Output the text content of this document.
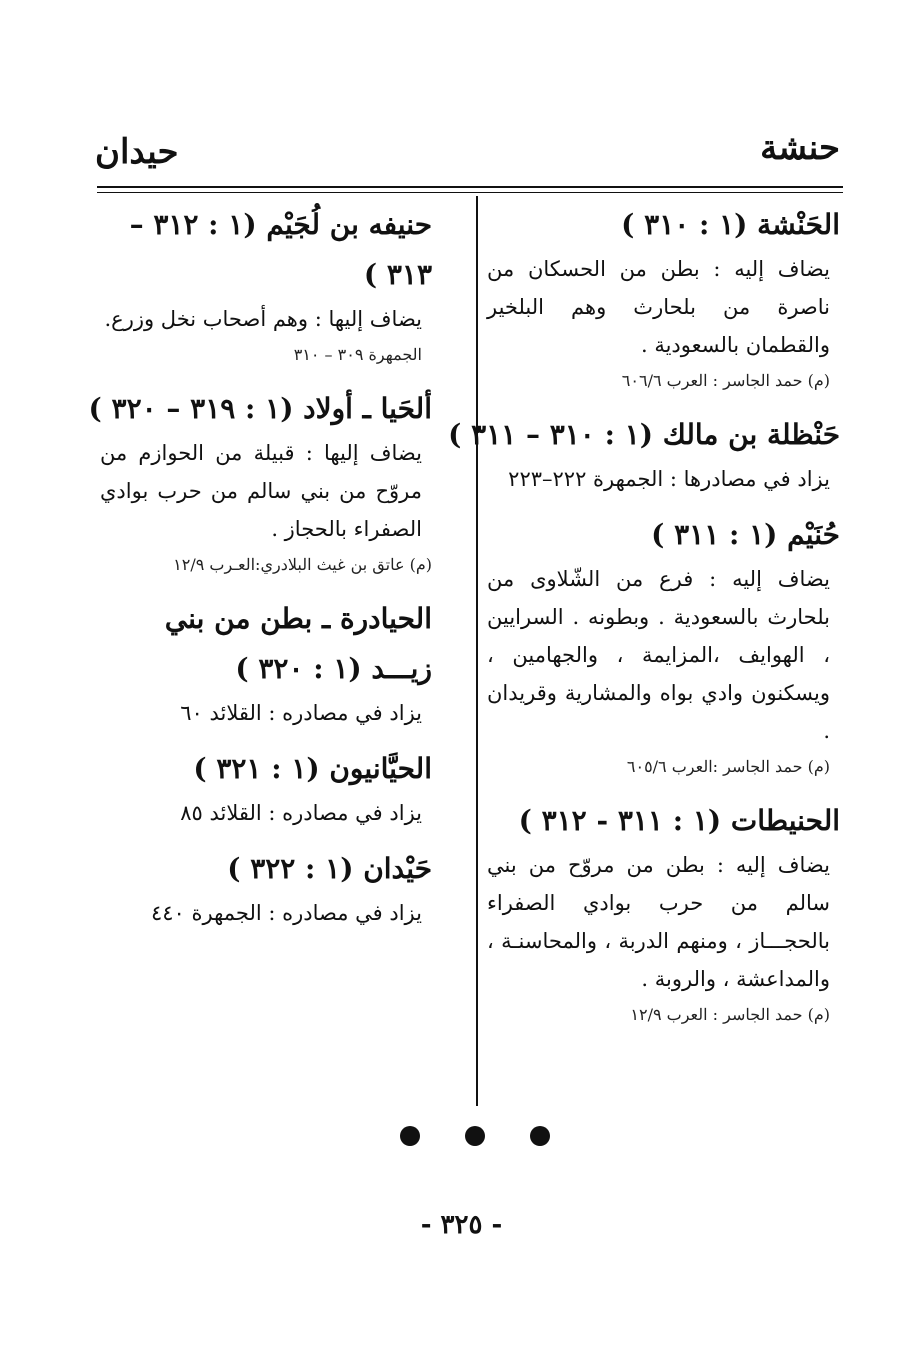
حنشة
حيدان
الحَنْشة (١ : ٣١٠ )
يضاف إليه : بطن من الحسكان من ناصرة من بلحارث وهم البلخير والقطمان بالسعودية .
(م) حمد الجاسر : العرب ٦٠٦/٦
حَنْظلة بن مالك (١ : ٣١٠ – ٣١١ )
يزاد في مصادرها : الجمهرة ٢٢٢–٢٢٣
حُنَيْم (١ : ٣١١ )
يضاف إليه : فرع من الشّلاوى من بلحارث بالسعودية . وبطونه . السرايين ، الهوايف ،المزايمة ، والجهامين ، ويسكنون وادي بواه والمشارية وقريدان .
(م) حمد الجاسر :العرب ٦٠٥/٦
الحنيطات (١ : ٣١١ - ٣١٢ )
يضاف إليه : بطن من مروّح من بني سالم من حرب بوادي الصفراء بالحجـــاز ، ومنهم الدربة ، والمحاسنـة ، والمداعشة ، والروبة .
(م) حمد الجاسر : العرب ١٢/٩
حنيفه بن لُجَيْم (١ : ٣١٢ – ٣١٣ )
يضاف إليها : وهم أصحاب نخل وزرع.
الجمهرة ٣٠٩ – ٣١٠
ألحَيا ـ أولاد (١ : ٣١٩ – ٣٢٠ )
يضاف إليها : قبيلة من الحوازم من مروّح من بني سالم من حرب بوادي الصفراء بالحجاز .
(م) عاتق بن غيث البلادري:العـرب ١٢/٩
الحيادرة ـ بطن من بني زيـــد (١ : ٣٢٠ )
يزاد في مصادره : القلائد ٦٠
الحيَّانيون (١ : ٣٢١ )
يزاد في مصادره : القلائد ٨٥
حَيْدان (١ : ٣٢٢ )
يزاد في مصادره : الجمهرة ٤٤٠
- ٣٢٥ -
